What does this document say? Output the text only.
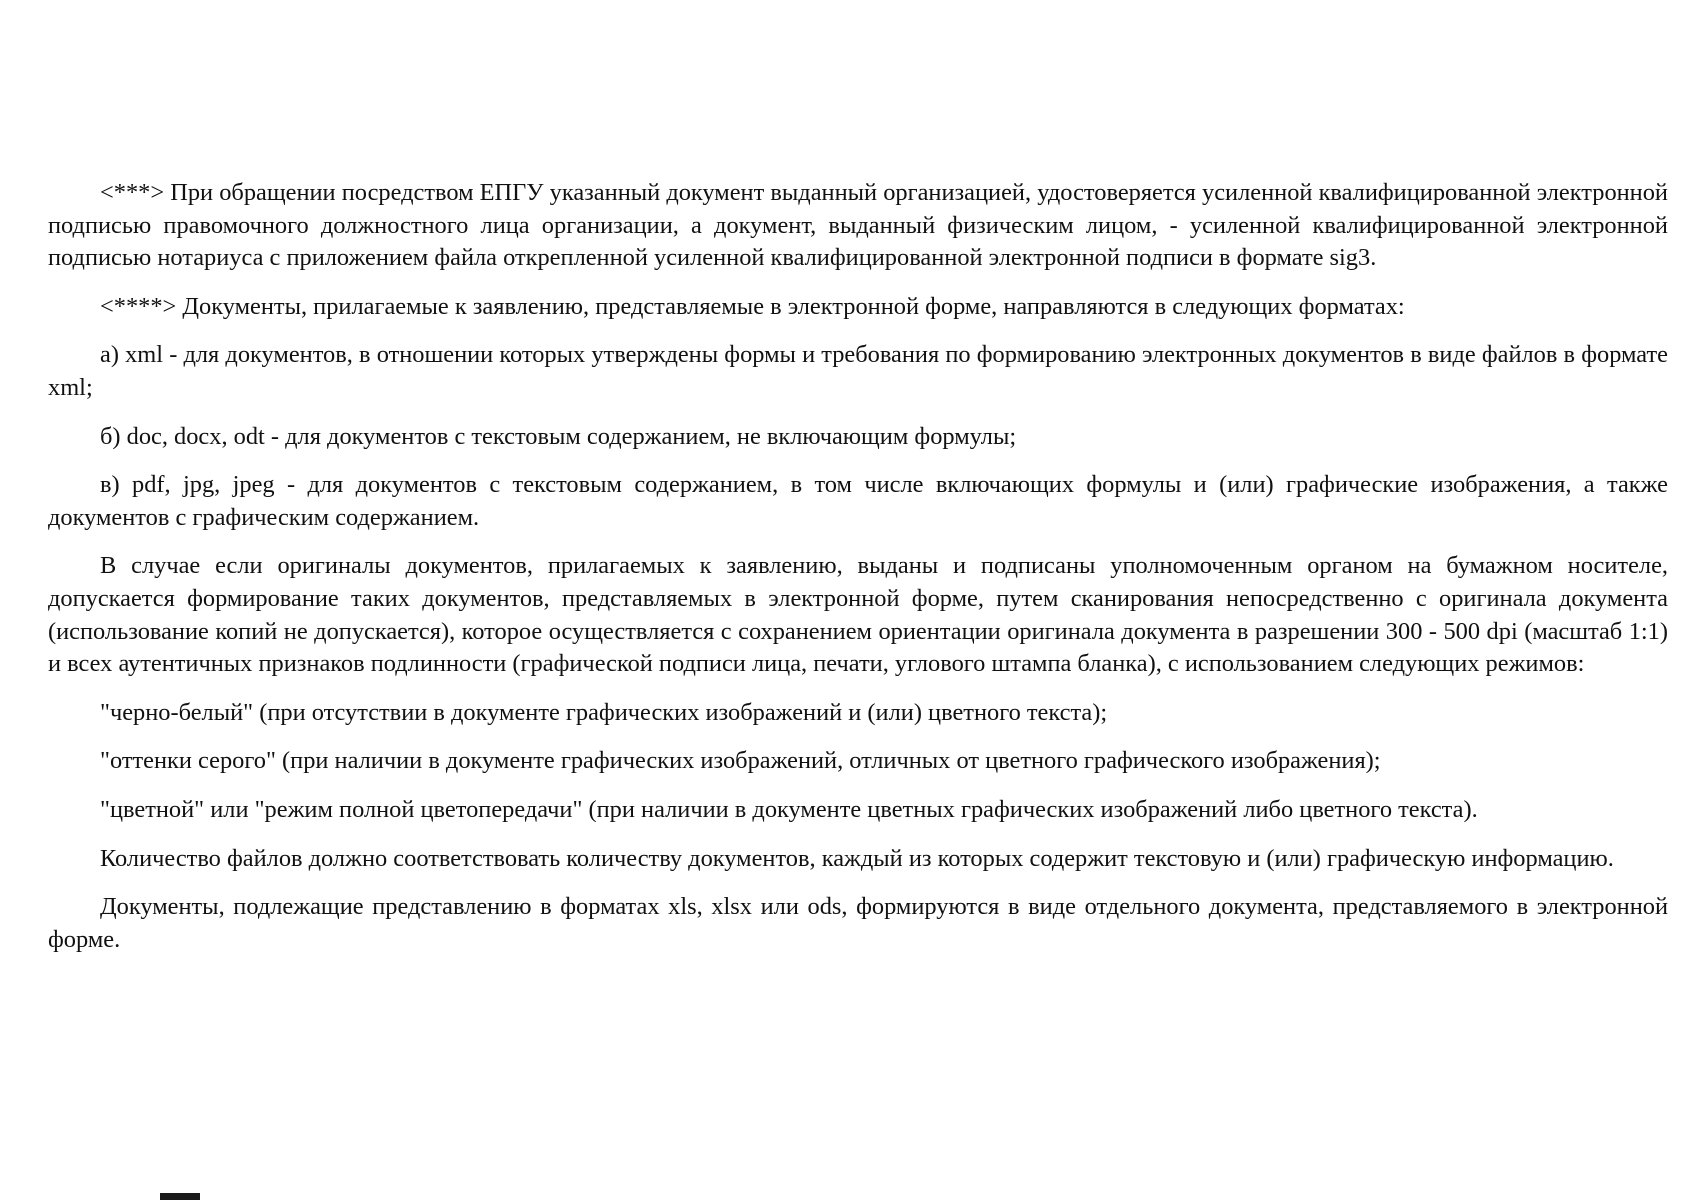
<***> При обращении посредством ЕПГУ указанный документ выданный организацией, удостоверяется усиленной квалифицированной электронной подписью правомочного должностного лица организации, а документ, выданный физическим лицом, - усиленной квалифицированной электронной подписью нотариуса с приложением файла открепленной усиленной квалифицированной электронной подписи в формате sig3.

<****> Документы, прилагаемые к заявлению, представляемые в электронной форме, направляются в следующих форматах:

а) xml - для документов, в отношении которых утверждены формы и требования по формированию электронных документов в виде файлов в формате xml;

б) doc, docx, odt - для документов с текстовым содержанием, не включающим формулы;

в) pdf, jpg, jpeg - для документов с текстовым содержанием, в том числе включающих формулы и (или) графические изображения, а также документов с графическим содержанием.

В случае если оригиналы документов, прилагаемых к заявлению, выданы и подписаны уполномоченным органом на бумажном носителе, допускается формирование таких документов, представляемых в электронной форме, путем сканирования непосредственно с оригинала документа (использование копий не допускается), которое осуществляется с сохранением ориентации оригинала документа в разрешении 300 - 500 dpi (масштаб 1:1) и всех аутентичных признаков подлинности (графической подписи лица, печати, углового штампа бланка), с использованием следующих режимов:

"черно-белый" (при отсутствии в документе графических изображений и (или) цветного текста);

"оттенки серого" (при наличии в документе графических изображений, отличных от цветного графического изображения);

"цветной" или "режим полной цветопередачи" (при наличии в документе цветных графических изображений либо цветного текста).

Количество файлов должно соответствовать количеству документов, каждый из которых содержит текстовую и (или) графическую информацию.

Документы, подлежащие представлению в форматах xls, xlsx или ods, формируются в виде отдельного документа, представляемого в электронной форме.
